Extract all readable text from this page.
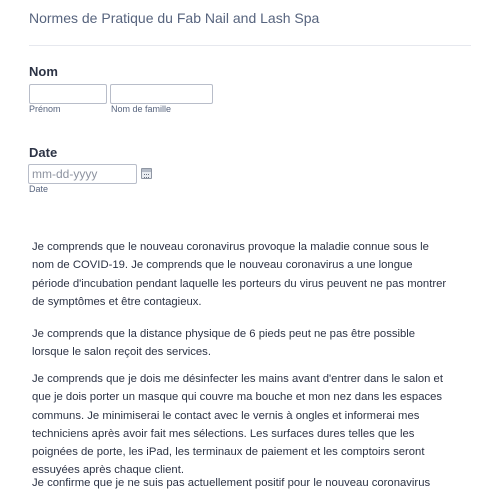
Normes de Pratique du Fab Nail and Lash Spa
Nom
Prénom	Nom de famille
Date
mm-dd-yyyy
Date

Je comprends que le nouveau coronavirus provoque la maladie connue sous le nom de COVID-19. Je comprends que le nouveau coronavirus a une longue période d'incubation pendant laquelle les porteurs du virus peuvent ne pas montrer de symptômes et être contagieux.

Je comprends que la distance physique de 6 pieds peut ne pas être possible lorsque le salon reçoit des services.

Je comprends que je dois me désinfecter les mains avant d'entrer dans le salon et que je dois porter un masque qui couvre ma bouche et mon nez dans les espaces communs. Je minimiserai le contact avec le vernis à ongles et informerai mes techniciens après avoir fait mes sélections. Les surfaces dures telles que les poignées de porte, les iPad, les terminaux de paiement et les comptoirs seront essuyées après chaque client.

Je confirme que je ne suis pas actuellement positif pour le nouveau coronavirus
